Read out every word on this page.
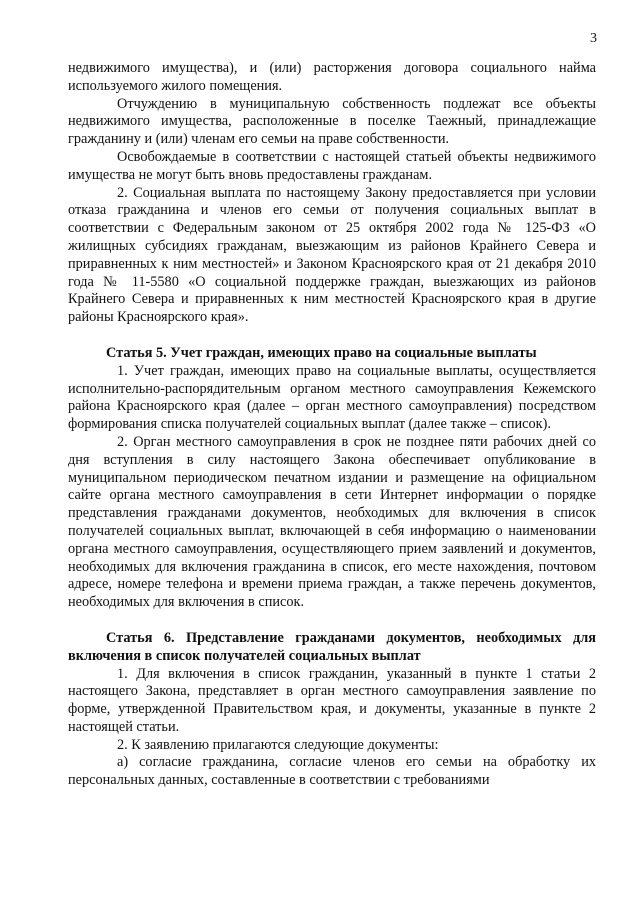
3

недвижимого имущества), и (или) расторжения договора социального найма используемого жилого помещения.

Отчуждению в муниципальную собственность подлежат все объекты недвижимого имущества, расположенные в поселке Таежный, принадлежащие гражданину и (или) членам его семьи на праве собственности.

Освобождаемые в соответствии с настоящей статьей объекты недвижимого имущества не могут быть вновь предоставлены гражданам.

2. Социальная выплата по настоящему Закону предоставляется при условии отказа гражданина и членов его семьи от получения социальных выплат в соответствии с Федеральным законом от 25 октября 2002 года № 125-ФЗ «О жилищных субсидиях гражданам, выезжающим из районов Крайнего Севера и приравненных к ним местностей» и Законом Красноярского края от 21 декабря 2010 года № 11-5580 «О социальной поддержке граждан, выезжающих из районов Крайнего Севера и приравненных к ним местностей Красноярского края в другие районы Красноярского края».

Статья 5. Учет граждан, имеющих право на социальные выплаты

1. Учет граждан, имеющих право на социальные выплаты, осуществляется исполнительно-распорядительным органом местного самоуправления Кежемского района Красноярского края (далее – орган местного самоуправления) посредством формирования списка получателей социальных выплат (далее также – список).

2. Орган местного самоуправления в срок не позднее пяти рабочих дней со дня вступления в силу настоящего Закона обеспечивает опубликование в муниципальном периодическом печатном издании и размещение на официальном сайте органа местного самоуправления в сети Интернет информации о порядке представления гражданами документов, необходимых для включения в список получателей социальных выплат, включающей в себя информацию о наименовании органа местного самоуправления, осуществляющего прием заявлений и документов, необходимых для включения гражданина в список, его месте нахождения, почтовом адресе, номере телефона и времени приема граждан, а также перечень документов, необходимых для включения в список.

Статья 6. Представление гражданами документов, необходимых для включения в список получателей социальных выплат

1. Для включения в список гражданин, указанный в пункте 1 статьи 2 настоящего Закона, представляет в орган местного самоуправления заявление по форме, утвержденной Правительством края, и документы, указанные в пункте 2 настоящей статьи.

2. К заявлению прилагаются следующие документы:

а) согласие гражданина, согласие членов его семьи на обработку их персональных данных, составленные в соответствии с требованиями
